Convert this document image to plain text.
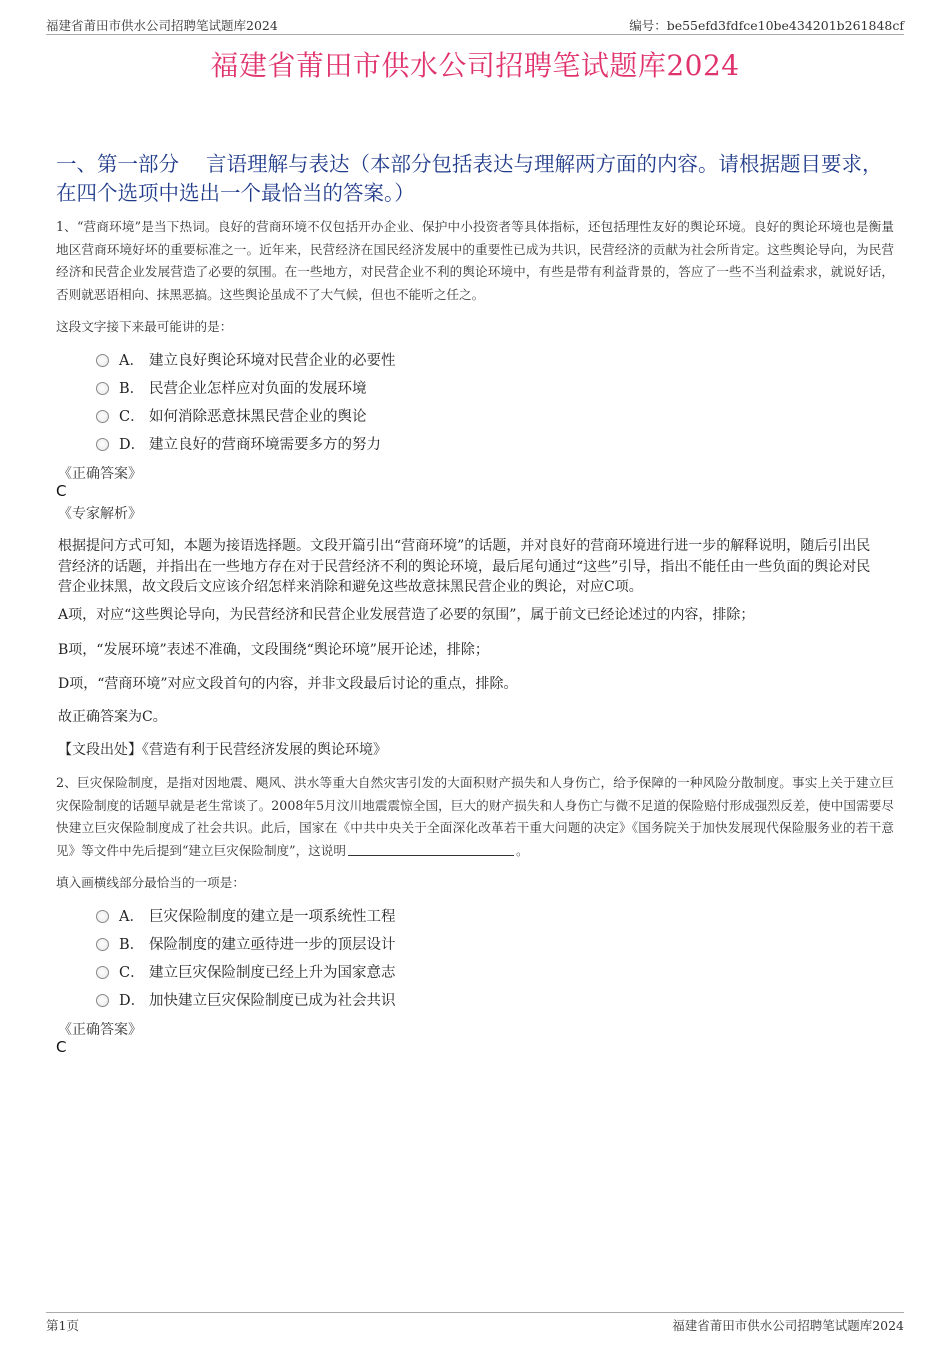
福建省莆田市供水公司招聘笔试题库2024	编号：be55efd3fdfce10be434201b261848cf
福建省莆田市供水公司招聘笔试题库2024
一、第一部分　 言语理解与表达（本部分包括表达与理解两方面的内容。请根据题目要求，在四个选项中选出一个最恰当的答案。）
1、“营商环境”是当下热词。良好的营商环境不仅包括开办企业、保护中小投资者等具体指标，还包括理性友好的舆论环境。良好的舆论环境也是衡量地区营商环境好坏的重要标准之一。近年来，民营经济在国民经济发展中的重要性已成为共识，民营经济的贡献为社会所肯定。这些舆论导向，为民营经济和民营企业发展营造了必要的氛围。在一些地方，对民营企业不利的舆论环境中，有些是带有利益背景的，答应了一些不当利益索求，就说好话，否则就恶语相向、抹黑恶搞。这些舆论虽成不了大气候，但也不能听之任之。
这段文字接下来最可能讲的是：
A． 建立良好舆论环境对民营企业的必要性
B． 民营企业怎样应对负面的发展环境
C． 如何消除恶意抹黑民营企业的舆论
D． 建立良好的营商环境需要多方的努力
《正确答案》
C
《专家解析》
根据提问方式可知，本题为接语选择题。文段开篇引出“营商环境”的话题，并对良好的营商环境进行进一步的解释说明，随后引出民营经济的话题，并指出在一些地方存在对于民营经济不利的舆论环境，最后尾句通过“这些”引导，指出不能任由一些负面的舆论对民营企业抹黑，故文段后文应该介绍怎样来消除和避免这些故意抹黑民营企业的舆论，对应C项。
A项，对应“这些舆论导向，为民营经济和民营企业发展营造了必要的氛围”，属于前文已经论述过的内容，排除；
B项，“发展环境”表述不准确，文段围绕“舆论环境”展开论述，排除；
D项，“营商环境”对应文段首句的内容，并非文段最后讨论的重点，排除。
故正确答案为C。
【文段出处】《营造有利于民营经济发展的舆论环境》
2、巨灾保险制度，是指对因地震、飓风、洪水等重大自然灾害引发的大面积财产损失和人身伤亡，给予保障的一种风险分散制度。事实上关于建立巨灾保险制度的话题早就是老生常谈了。2008年5月汶川地震震惊全国，巨大的财产损失和人身伤亡与微不足道的保险赔付形成强烈反差，使中国需要尽快建立巨灾保险制度成了社会共识。此后，国家在《中共中央关于全面深化改革若干重大问题的决定》《国务院关于加快发展现代保险服务业的若干意见》等文件中先后提到“建立巨灾保险制度”，这说明	。
填入画横线部分最恰当的一项是：
A． 巨灾保险制度的建立是一项系统性工程
B． 保险制度的建立亟待进一步的顶层设计
C． 建立巨灾保险制度已经上升为国家意志
D． 加快建立巨灾保险制度已成为社会共识
《正确答案》
C
第1页	福建省莆田市供水公司招聘笔试题库2024
